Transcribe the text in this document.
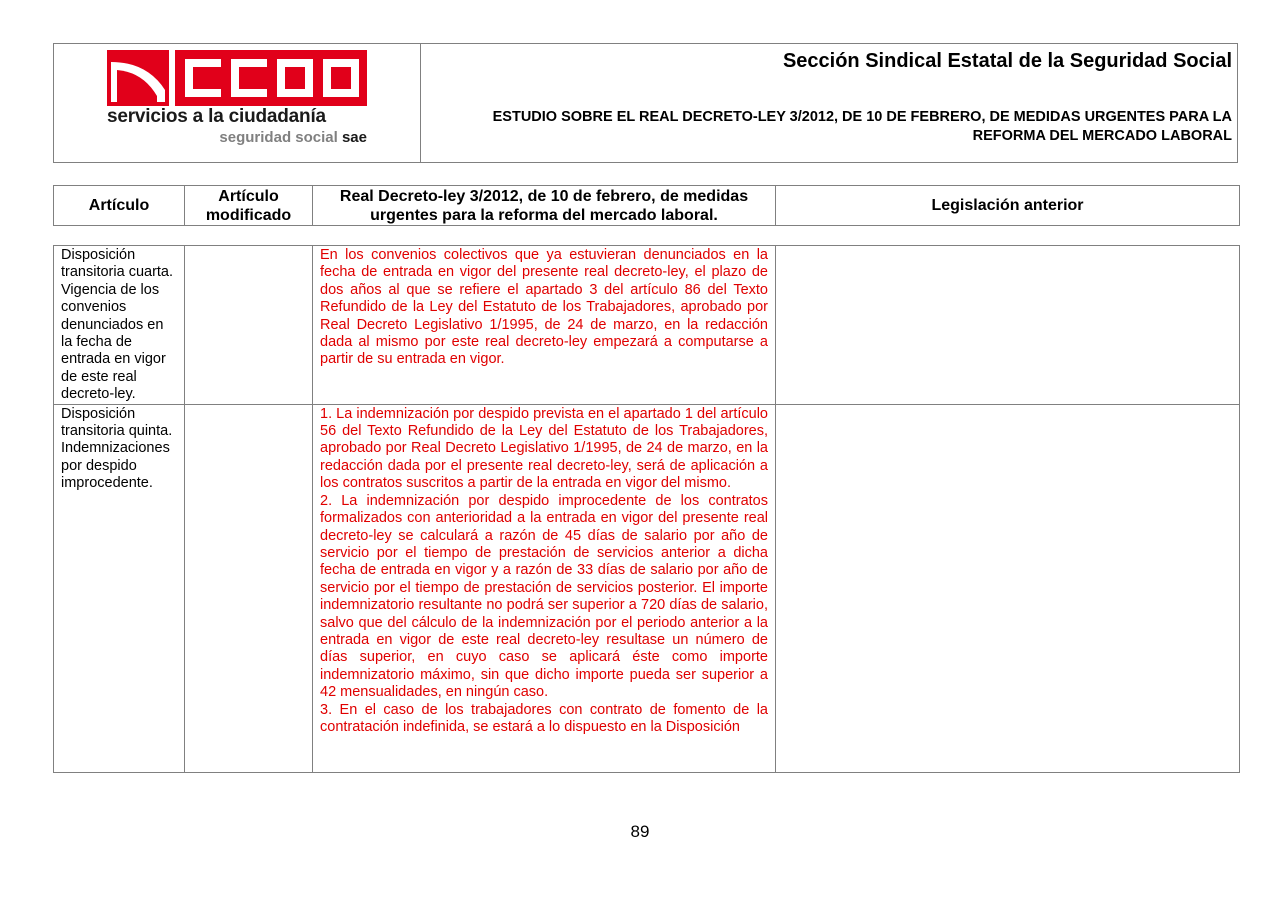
servicios a la ciudadanía
seguridad social sae
Sección Sindical Estatal de la Seguridad Social
ESTUDIO SOBRE EL REAL DECRETO-LEY 3/2012, DE 10 DE FEBRERO, DE MEDIDAS URGENTES PARA LA REFORMA DEL MERCADO LABORAL
Artículo	Artículo modificado	Real Decreto-ley 3/2012, de 10 de febrero, de medidas urgentes para la reforma del mercado laboral.	Legislación anterior
Disposición transitoria cuarta. Vigencia de los convenios denunciados en la fecha de entrada en vigor de este real decreto-ley.		En los convenios colectivos que ya estuvieran denunciados en la fecha de entrada en vigor del presente real decreto-ley, el plazo de dos años al que se refiere el apartado 3 del artículo 86 del Texto Refundido de la Ley del Estatuto de los Trabajadores, aprobado por Real Decreto Legislativo 1/1995, de 24 de marzo, en la redacción dada al mismo por este real decreto-ley empezará a computarse a partir de su entrada en vigor.	

Disposición transitoria quinta. Indemnizaciones por despido improcedente.		1. La indemnización por despido prevista en el apartado 1 del artículo 56 del Texto Refundido de la Ley del Estatuto de los Trabajadores, aprobado por Real Decreto Legislativo 1/1995, de 24 de marzo, en la redacción dada por el presente real decreto-ley, será de aplicación a los contratos suscritos a partir de la entrada en vigor del mismo.
2. La indemnización por despido improcedente de los contratos formalizados con anterioridad a la entrada en vigor del presente real decreto-ley se calculará a razón de 45 días de salario por año de servicio por el tiempo de prestación de servicios anterior a dicha fecha de entrada en vigor y a razón de 33 días de salario por año de servicio por el tiempo de prestación de servicios posterior. El importe indemnizatorio resultante no podrá ser superior a 720 días de salario, salvo que del cálculo de la indemnización por el periodo anterior a la entrada en vigor de este real decreto-ley resultase un número de días superior, en cuyo caso se aplicará éste como importe indemnizatorio máximo, sin que dicho importe pueda ser superior a 42 mensualidades, en ningún caso.
3. En el caso de los trabajadores con contrato de fomento de la contratación indefinida, se estará a lo dispuesto en la Disposición	

89
